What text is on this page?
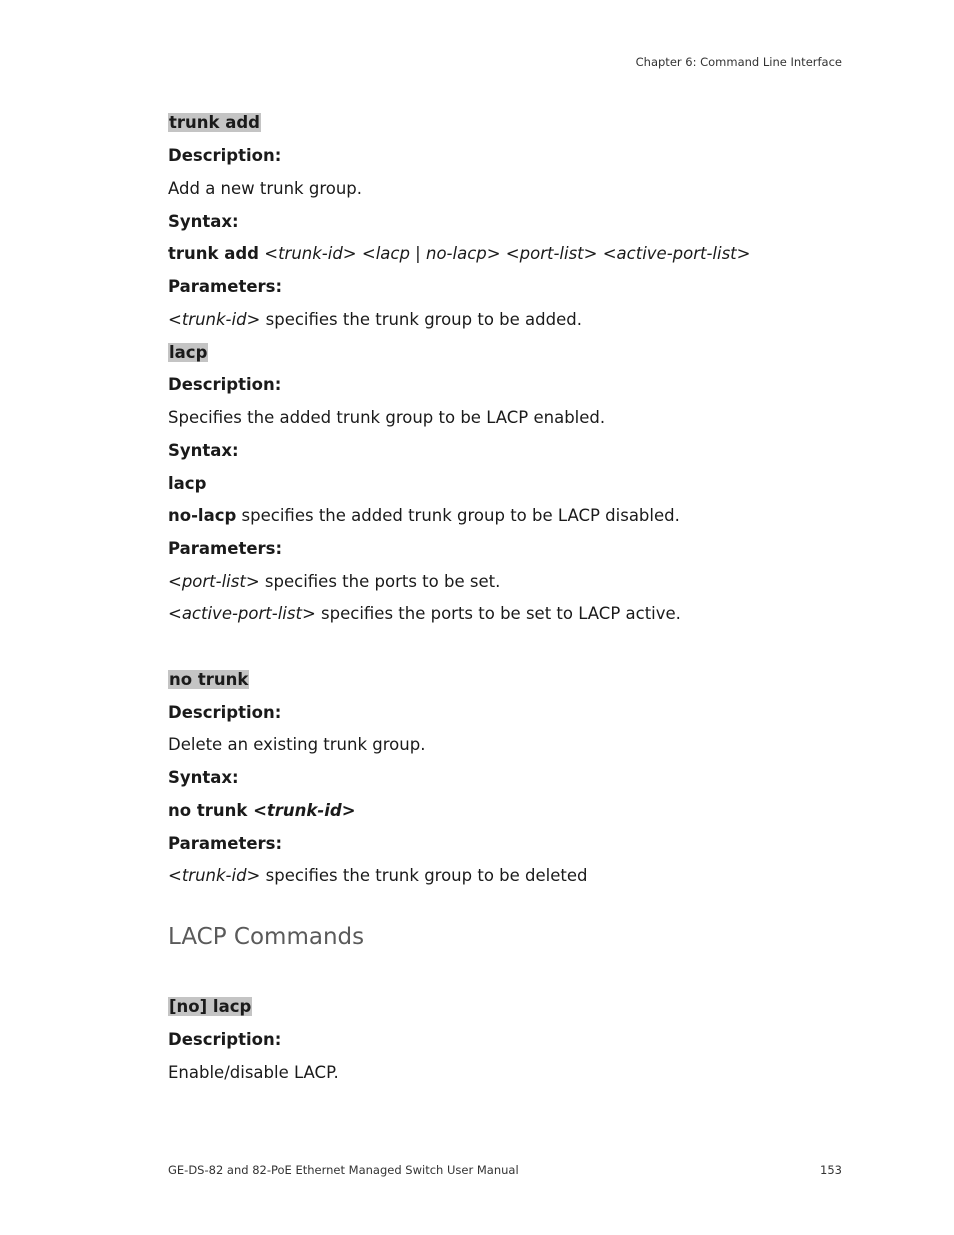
Chapter 6: Command Line Interface
trunk add
Description:
Add a new trunk group.
Syntax:
trunk add <trunk-id> <lacp | no-lacp> <port-list> <active-port-list>
Parameters:
<trunk-id> specifies the trunk group to be added.
lacp
Description:
Specifies the added trunk group to be LACP enabled.
Syntax:
lacp
no-lacp specifies the added trunk group to be LACP disabled.
Parameters:
<port-list> specifies the ports to be set.
<active-port-list> specifies the ports to be set to LACP active.
no trunk
Description:
Delete an existing trunk group.
Syntax:
no trunk <trunk-id>
Parameters:
<trunk-id> specifies the trunk group to be deleted
LACP Commands
[no] lacp
Description:
Enable/disable LACP.
GE-DS-82 and 82-PoE Ethernet Managed Switch User Manual	153
